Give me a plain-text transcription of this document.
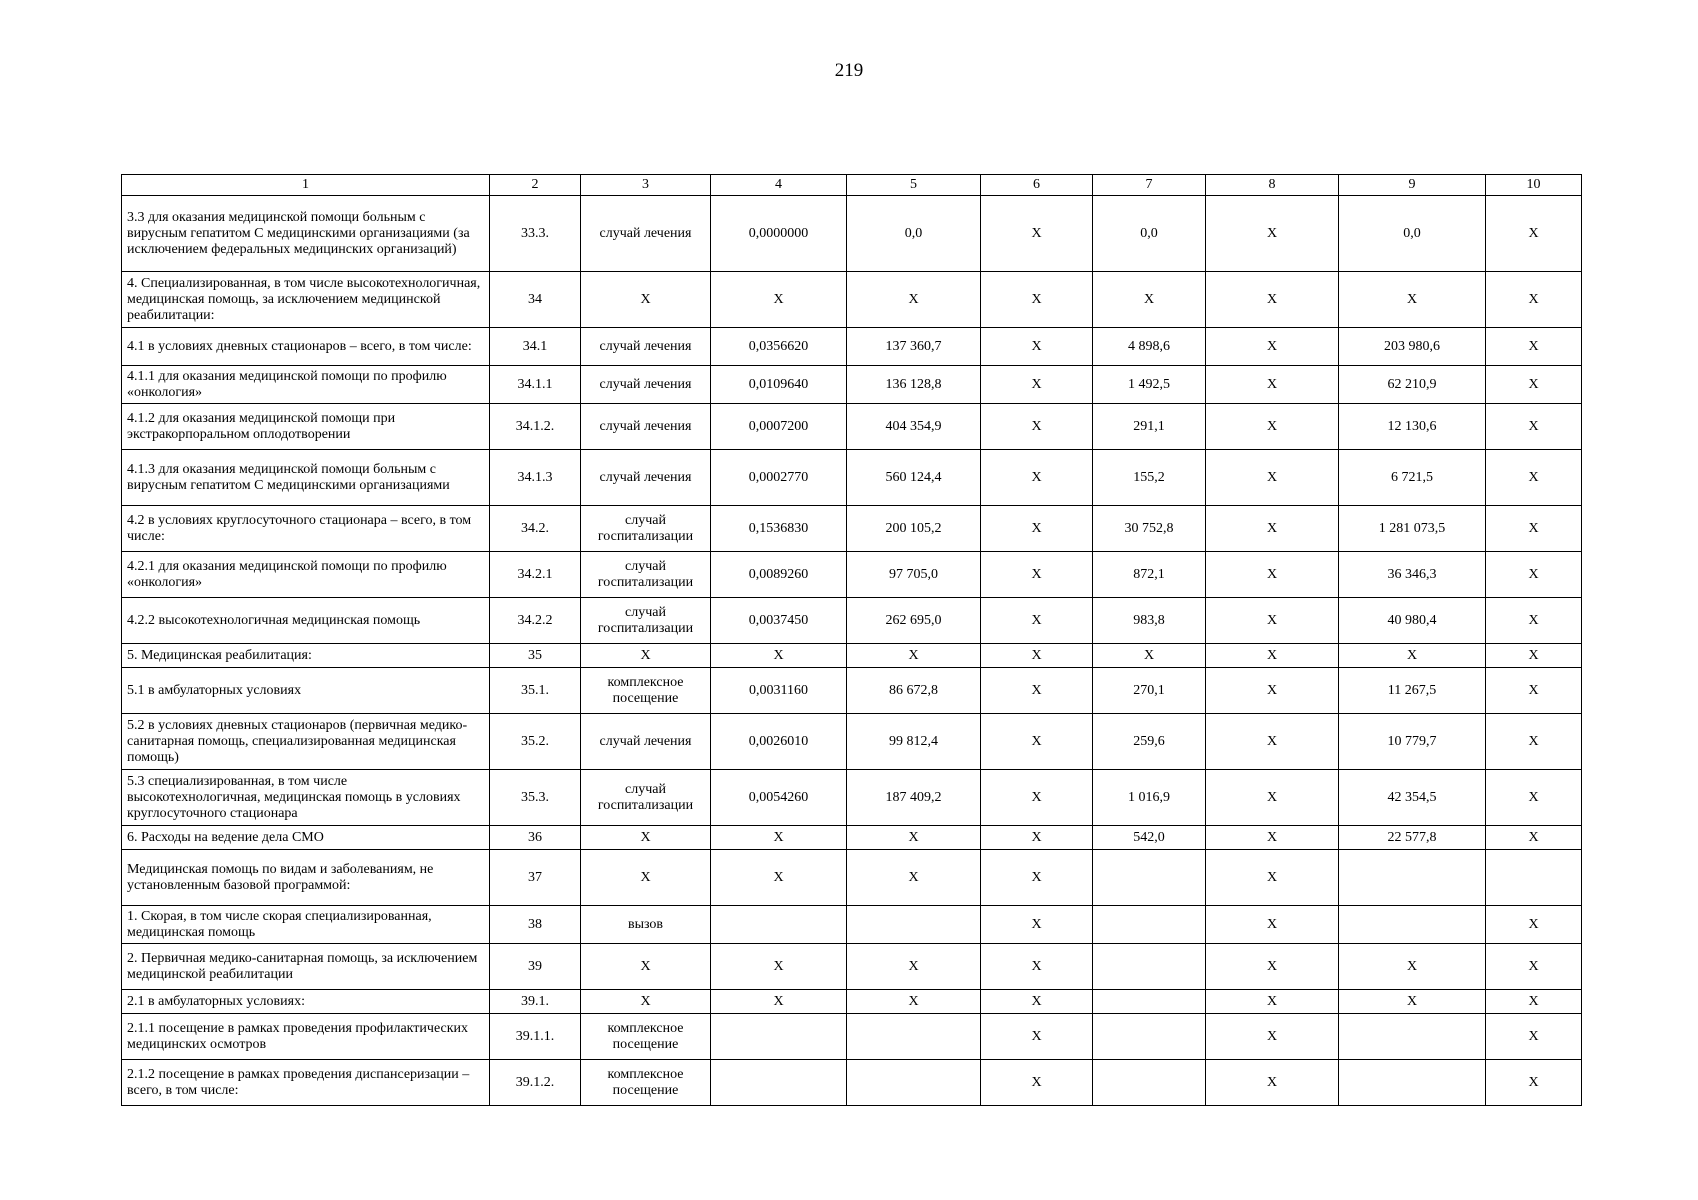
219
1	2	3	4	5	6	7	8	9	10
3.3 для оказания медицинской помощи больным с вирусным гепатитом С медицинскими организациями (за исключением федеральных медицинских организаций)	33.3.	случай лечения	0,0000000	0,0	X	0,0	X	0,0	X
4. Специализированная, в том числе высокотехнологичная, медицинская помощь, за исключением медицинской реабилитации:	34	X	X	X	X	X	X	X	X
4.1 в условиях дневных стационаров – всего, в том числе:	34.1	случай лечения	0,0356620	137 360,7	X	4 898,6	X	203 980,6	X
4.1.1 для оказания медицинской помощи по профилю «онкология»	34.1.1	случай лечения	0,0109640	136 128,8	X	1 492,5	X	62 210,9	X
4.1.2 для оказания медицинской помощи при экстракорпоральном оплодотворении	34.1.2.	случай лечения	0,0007200	404 354,9	X	291,1	X	12 130,6	X
4.1.3 для оказания медицинской помощи больным с вирусным гепатитом С медицинскими организациями	34.1.3	случай лечения	0,0002770	560 124,4	X	155,2	X	6 721,5	X
4.2 в условиях круглосуточного стационара – всего, в том числе:	34.2.	случай госпитализации	0,1536830	200 105,2	X	30 752,8	X	1 281 073,5	X
4.2.1 для оказания медицинской помощи по профилю «онкология»	34.2.1	случай госпитализации	0,0089260	97 705,0	X	872,1	X	36 346,3	X
4.2.2 высокотехнологичная медицинская помощь	34.2.2	случай госпитализации	0,0037450	262 695,0	X	983,8	X	40 980,4	X
5. Медицинская реабилитация:	35	X	X	X	X	X	X	X	X
5.1 в амбулаторных условиях	35.1.	комплексное посещение	0,0031160	86 672,8	X	270,1	X	11 267,5	X
5.2 в условиях дневных стационаров (первичная медико-санитарная помощь, специализированная медицинская помощь)	35.2.	случай лечения	0,0026010	99 812,4	X	259,6	X	10 779,7	X
5.3 специализированная, в том числе высокотехнологичная, медицинская помощь в условиях круглосуточного стационара	35.3.	случай госпитализации	0,0054260	187 409,2	X	1 016,9	X	42 354,5	X
6. Расходы на ведение дела СМО	36	X	X	X	X	542,0	X	22 577,8	X
Медицинская помощь по видам и заболеваниям, не установленным базовой программой:	37	X	X	X	X		X		
1. Скорая, в том числе скорая специализированная, медицинская помощь	38	вызов			X		X		X
2. Первичная медико-санитарная помощь, за исключением медицинской реабилитации	39	X	X	X	X		X	X	X
2.1 в амбулаторных условиях:	39.1.	X	X	X	X		X	X	X
2.1.1 посещение в рамках проведения профилактических медицинских осмотров	39.1.1.	комплексное посещение			X		X		X
2.1.2 посещение в рамках проведения диспансеризации – всего, в том числе:	39.1.2.	комплексное посещение			X		X		X
